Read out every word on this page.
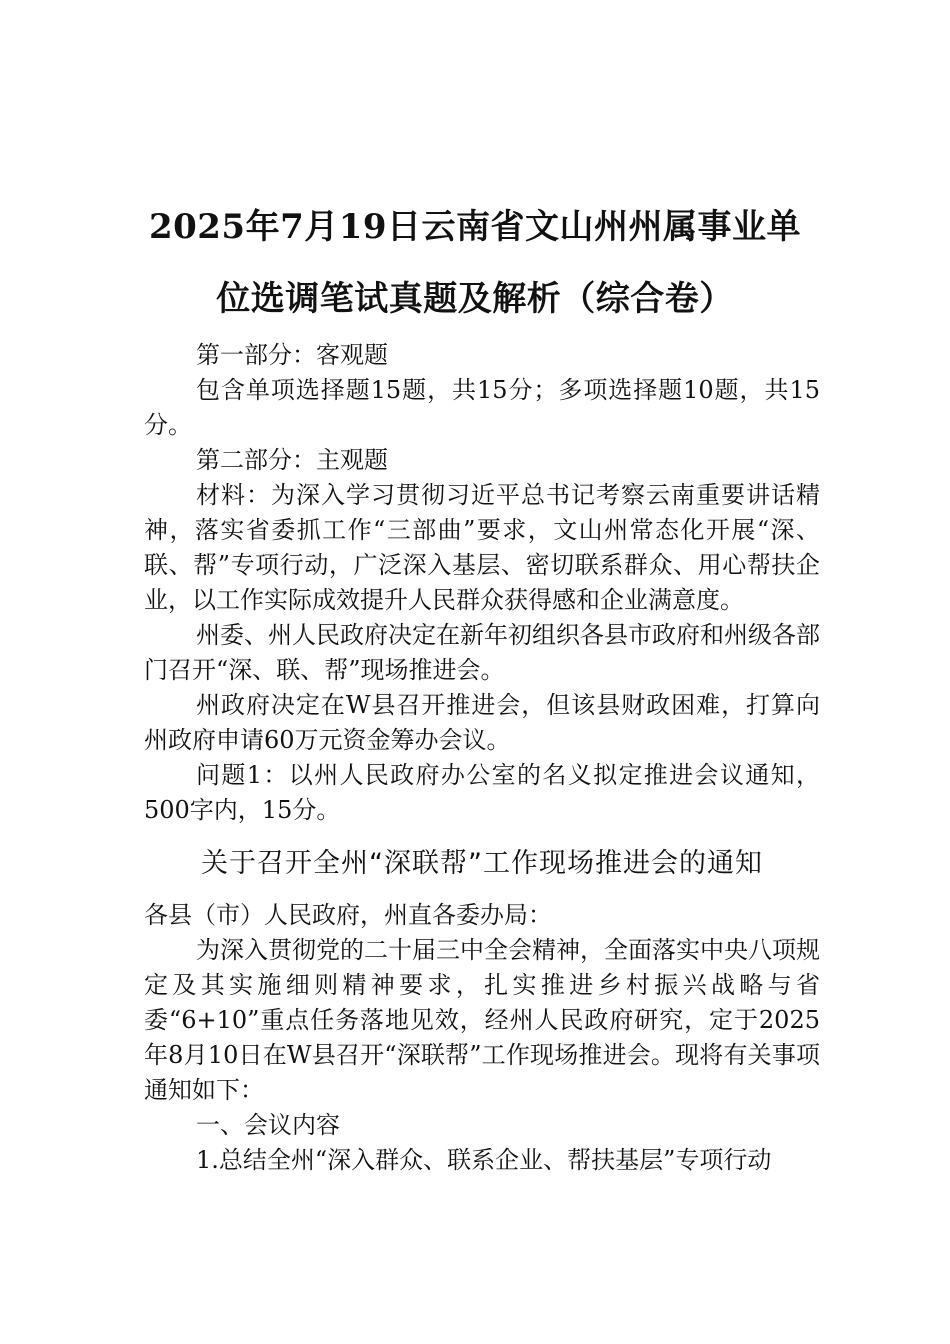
2025年7月19日云南省文山州州属事业单
位选调笔试真题及解析（综合卷）

第一部分：客观题

包含单项选择题15题，共15分；多项选择题10题，共15分。

第二部分：主观题

材料：为深入学习贯彻习近平总书记考察云南重要讲话精神，落实省委抓工作“三部曲”要求，文山州常态化开展“深、联、帮”专项行动，广泛深入基层、密切联系群众、用心帮扶企业，以工作实际成效提升人民群众获得感和企业满意度。

州委、州人民政府决定在新年初组织各县市政府和州级各部门召开“深、联、帮”现场推进会。

州政府决定在W县召开推进会，但该县财政困难，打算向州政府申请60万元资金筹办会议。

问题1：以州人民政府办公室的名义拟定推进会议通知，500字内，15分。

关于召开全州“深联帮”工作现场推进会的通知

各县（市）人民政府，州直各委办局：

为深入贯彻党的二十届三中全会精神，全面落实中央八项规定及其实施细则精神要求，扎实推进乡村振兴战略与省委“6+10”重点任务落地见效，经州人民政府研究，定于2025年8月10日在W县召开“深联帮”工作现场推进会。现将有关事项通知如下：

一、会议内容

1.总结全州“深入群众、联系企业、帮扶基层”专项行动
